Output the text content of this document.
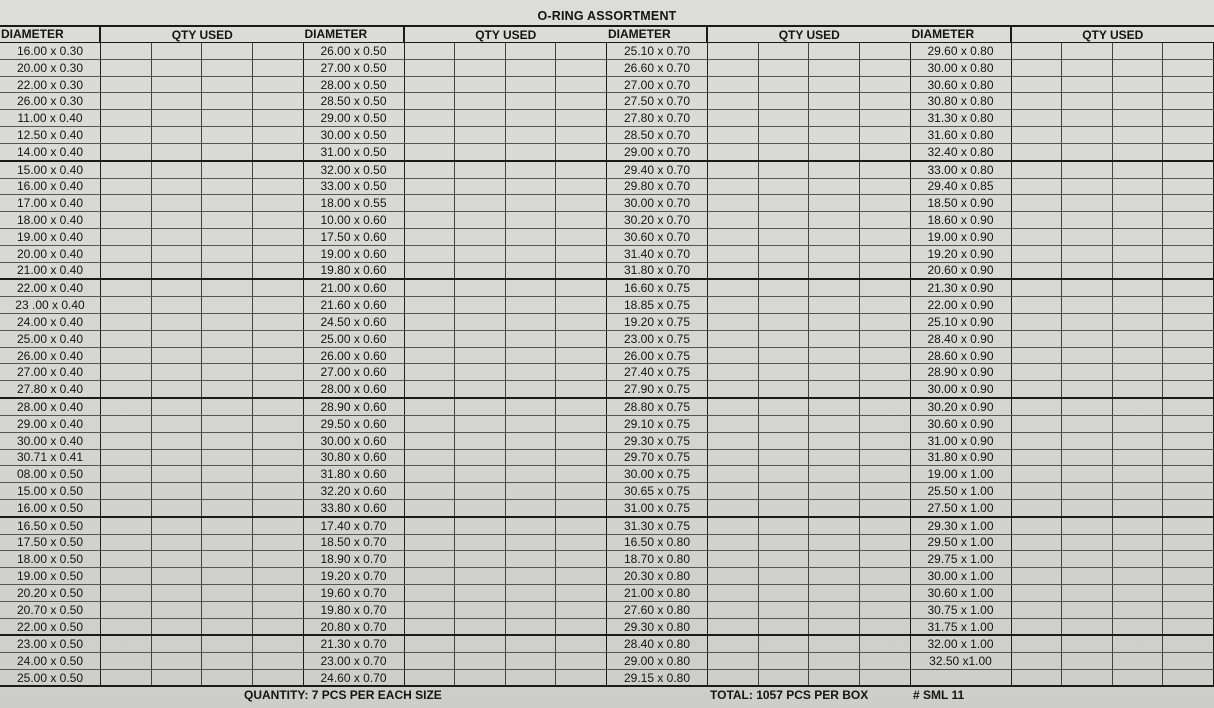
O-RING ASSORTMENT
DIAMETER	QTY USED
16.00 x 0.30
20.00 x 0.30
22.00 x 0.30
26.00 x 0.30
11.00 x 0.40
12.50 x 0.40
14.00 x 0.40
15.00 x 0.40
16.00 x 0.40
17.00 x 0.40
18.00 x 0.40
19.00 x 0.40
20.00 x 0.40
21.00 x 0.40
22.00 x 0.40
23 .00 x 0.40
24.00 x 0.40
25.00 x 0.40
26.00 x 0.40
27.00 x 0.40
27.80 x 0.40
28.00 x 0.40
29.00 x 0.40
30.00 x 0.40
30.71 x 0.41
08.00 x 0.50
15.00 x 0.50
16.00 x 0.50
16.50 x 0.50
17.50 x 0.50
18.00 x 0.50
19.00 x 0.50
20.20 x 0.50
20.70 x 0.50
22.00 x 0.50
23.00 x 0.50
24.00 x 0.50
25.00 x 0.50
DIAMETER	QTY USED
26.00 x 0.50
27.00 x 0.50
28.00 x 0.50
28.50 x 0.50
29.00 x 0.50
30.00 x 0.50
31.00 x 0.50
32.00 x 0.50
33.00 x 0.50
18.00 x 0.55
10.00 x 0.60
17.50 x 0.60
19.00 x 0.60
19.80 x 0.60
21.00 x 0.60
21.60 x 0.60
24.50 x 0.60
25.00 x 0.60
26.00 x 0.60
27.00 x 0.60
28.00 x 0.60
28.90 x 0.60
29.50 x 0.60
30.00 x 0.60
30.80 x 0.60
31.80 x 0.60
32.20 x 0.60
33.80 x 0.60
17.40 x 0.70
18.50 x 0.70
18.90 x 0.70
19.20 x 0.70
19.60 x 0.70
19.80 x 0.70
20.80 x 0.70
21.30 x 0.70
23.00 x 0.70
24.60 x 0.70
DIAMETER	QTY USED
25.10 x 0.70
26.60 x 0.70
27.00 x 0.70
27.50 x 0.70
27.80 x 0.70
28.50 x 0.70
29.00 x 0.70
29.40 x 0.70
29.80 x 0.70
30.00 x 0.70
30.20 x 0.70
30.60 x 0.70
31.40 x 0.70
31.80 x 0.70
16.60 x 0.75
18.85 x 0.75
19.20 x 0.75
23.00 x 0.75
26.00 x 0.75
27.40 x 0.75
27.90 x 0.75
28.80 x 0.75
29.10 x 0.75
29.30 x 0.75
29.70 x 0.75
30.00 x 0.75
30.65 x 0.75
31.00 x 0.75
31.30 x 0.75
16.50 x 0.80
18.70 x 0.80
20.30 x 0.80
21.00 x 0.80
27.60 x 0.80
29.30 x 0.80
28.40 x 0.80
29.00 x 0.80
29.15 x 0.80
DIAMETER	QTY USED
29.60 x 0.80
30.00 x 0.80
30.60 x 0.80
30.80 x 0.80
31.30 x 0.80
31.60 x 0.80
32.40 x 0.80
33.00 x 0.80
29.40 x 0.85
18.50 x 0.90
18.60 x 0.90
19.00 x 0.90
19.20 x 0.90
20.60 x 0.90
21.30 x 0.90
22.00 x 0.90
25.10 x 0.90
28.40 x 0.90
28.60 x 0.90
28.90 x 0.90
30.00 x 0.90
30.20 x 0.90
30.60 x 0.90
31.00 x 0.90
31.80 x 0.90
19.00 x 1.00
25.50 x 1.00
27.50 x 1.00
29.30 x 1.00
29.50 x 1.00
29.75 x 1.00
30.00 x 1.00
30.60 x 1.00
30.75 x 1.00
31.75 x 1.00
32.00 x 1.00
32.50 x1.00
QUANTITY: 7 PCS PER EACH SIZE	TOTAL: 1057 PCS PER BOX	# SML 11
